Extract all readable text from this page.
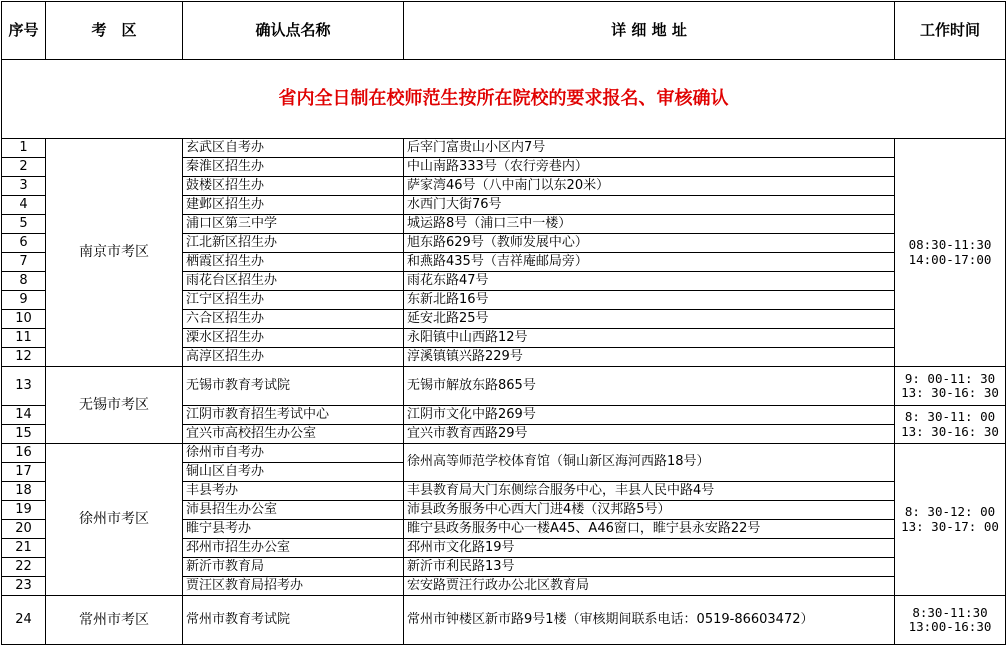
序号	考　区	确认点名称	详 细 地 址	工作时间
省内全日制在校师范生按所在院校的要求报名、审核确认				
1	南京市考区	玄武区自考办	后宰门富贵山小区内7号	08:30-11:30
14:00-17:00
2		秦淮区招生办	中山南路333号（农行旁巷内）	
3		鼓楼区招生办	萨家湾46号（八中南门以东20米）	
4		建邺区招生办	水西门大街76号	
5		浦口区第三中学	城运路8号（浦口三中一楼）	
6		江北新区招生办	旭东路629号（教师发展中心）	
7		栖霞区招生办	和燕路435号（吉祥庵邮局旁）	
8		雨花台区招生办	雨花东路47号	
9		江宁区招生办	东新北路16号	
10		六合区招生办	延安北路25号	
11		溧水区招生办	永阳镇中山西路12号	
12		高淳区招生办	淳溪镇镇兴路229号	
13	无锡市考区	无锡市教育考试院	无锡市解放东路865号	9: 00-11: 30
13: 30-16: 30
14		江阴市教育招生考试中心	江阴市文化中路269号	8: 30-11: 00
13: 30-16: 30
15		宜兴市高校招生办公室	宜兴市教育西路29号	
16	徐州市考区	徐州市自考办	徐州高等师范学校体育馆（铜山新区海河西路18号）	8: 30-12: 00
13: 30-17: 00
17		铜山区自考办		
18		丰县考办	丰县教育局大门东侧综合服务中心，丰县人民中路4号	
19		沛县招生办公室	沛县政务服务中心西大门进4楼（汉邦路5号）	
20		睢宁县考办	睢宁县政务服务中心一楼A45、A46窗口，睢宁县永安路22号	
21		邳州市招生办公室	邳州市文化路19号	
22		新沂市教育局	新沂市利民路13号	
23		贾汪区教育局招考办	宏安路贾汪行政办公北区教育局	
24	常州市考区	常州市教育考试院	常州市钟楼区新市路9号1楼（审核期间联系电话：0519-86603472）	8:30-11:30
13:00-16:30
